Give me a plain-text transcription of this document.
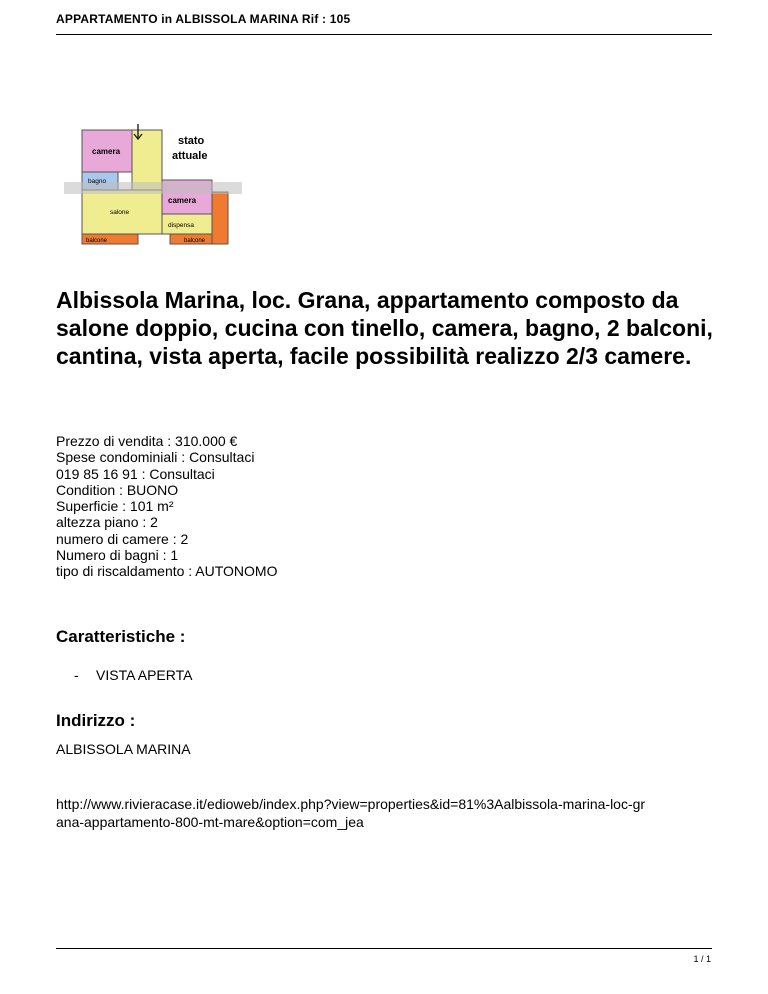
APPARTAMENTO in ALBISSOLA MARINA Rif : 105
stato
attuale
camera
bagno
camera
salone
dispensa
balcone	balcone
Albissola Marina, loc. Grana, appartamento composto da salone doppio, cucina con tinello, camera, bagno, 2 balconi, cantina, vista aperta, facile possibilità realizzo 2/3 camere.
Prezzo di vendita : 310.000 €
Spese condominiali : Consultaci
019 85 16 91 : Consultaci
Condition : BUONO
Superficie : 101 m²
altezza piano : 2
numero di camere : 2
Numero di bagni : 1
tipo di riscaldamento : AUTONOMO
Caratteristiche :
- VISTA APERTA
Indirizzo :
ALBISSOLA MARINA
http://www.rivieracase.it/edioweb/index.php?view=properties&id=81%3Aalbissola-marina-loc-gr
ana-appartamento-800-mt-mare&option=com_jea
1 / 1
